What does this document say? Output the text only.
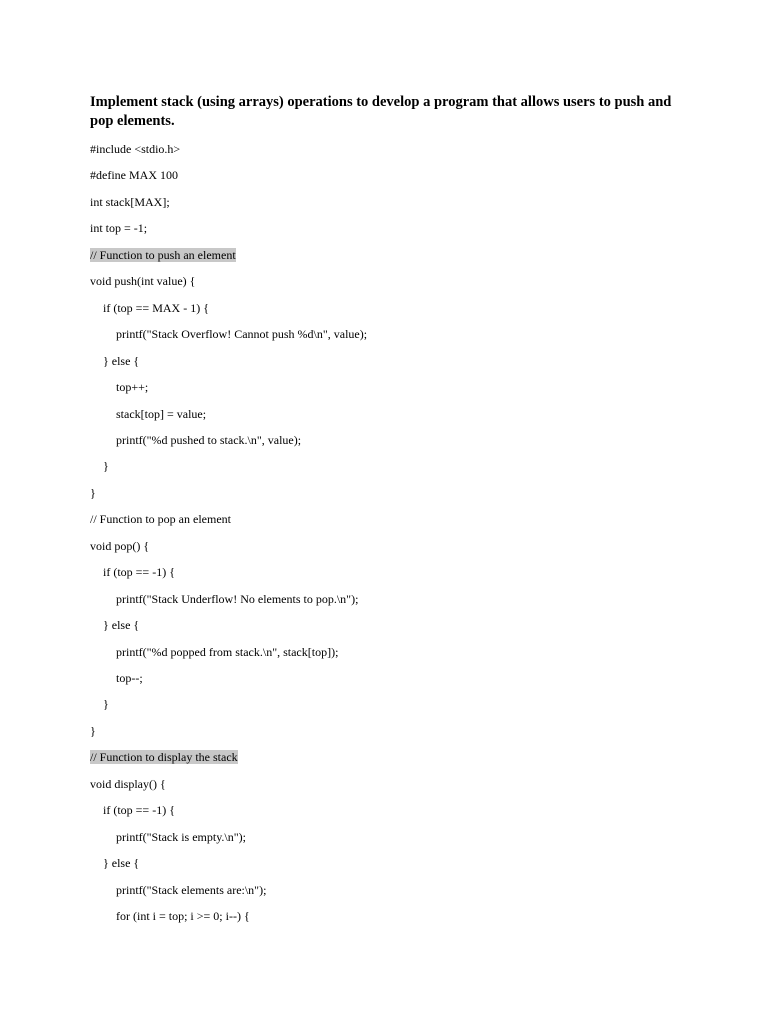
Implement stack (using arrays) operations to develop a program that allows users to push and pop elements.
#include <stdio.h>
#define MAX 100
int stack[MAX];
int top = -1;
// Function to push an element
void push(int value) {
if (top == MAX - 1) {
printf("Stack Overflow! Cannot push %d\n", value);
} else {
top++;
stack[top] = value;
printf("%d pushed to stack.\n", value);
}
}
// Function to pop an element
void pop() {
if (top == -1) {
printf("Stack Underflow! No elements to pop.\n");
} else {
printf("%d popped from stack.\n", stack[top]);
top--;
}
}
// Function to display the stack
void display() {
if (top == -1) {
printf("Stack is empty.\n");
} else {
printf("Stack elements are:\n");
for (int i = top; i >= 0; i--) {
